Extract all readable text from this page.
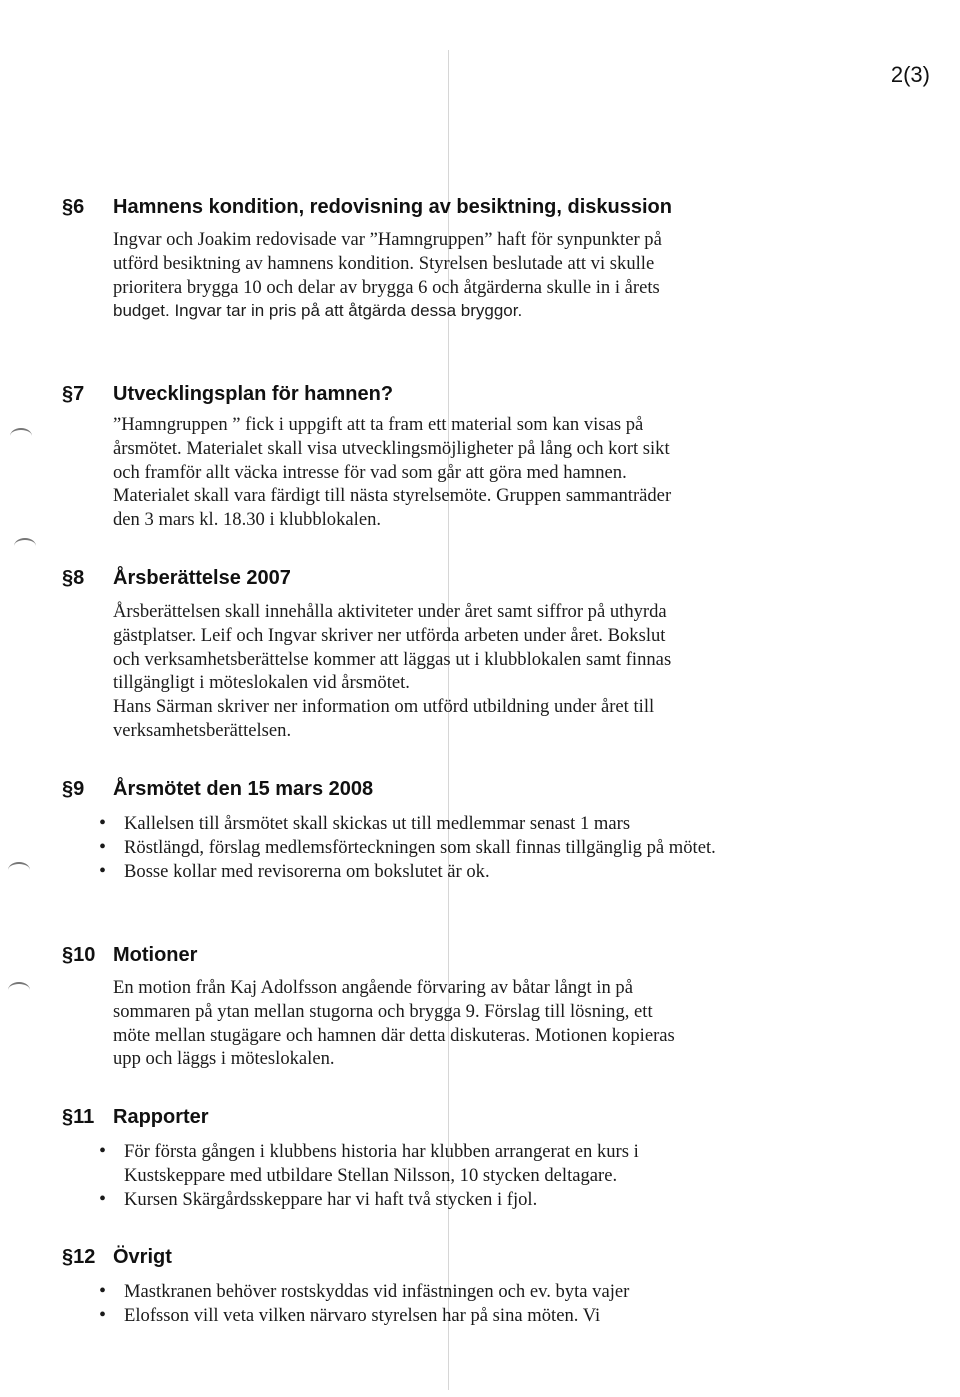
2(3)
§6 Hamnens kondition, redovisning av besiktning, diskussion

Ingvar och Joakim redovisade var ”Hamngruppen” haft för synpunkter på

utförd besiktning av hamnens kondition. Styrelsen beslutade att vi skulle

prioritera brygga 10 och delar av brygga 6 och åtgärderna skulle in i årets

budget. Ingvar tar in pris på att åtgärda dessa bryggor.

§7 Utvecklingsplan för hamnen?

”Hamngruppen ” fick i uppgift att ta fram ett material som kan visas på

årsmötet. Materialet skall visa utvecklingsmöjligheter på lång och kort sikt

och framför allt väcka intresse för vad som går att göra med hamnen.

Materialet skall vara färdigt till nästa styrelsemöte. Gruppen sammanträder

den 3 mars kl. 18.30 i klubblokalen.

§8 Årsberättelse 2007

Årsberättelsen skall innehålla aktiviteter under året samt siffror på uthyrda

gästplatser. Leif och Ingvar skriver ner utförda arbeten under året. Bokslut

och verksamhetsberättelse kommer att läggas ut i klubblokalen samt finnas

tillgängligt i möteslokalen vid årsmötet.

Hans Särman skriver ner information om utförd utbildning under året till

verksamhetsberättelsen.

§9 Årsmötet den 15 mars 2008
• Kallelsen till årsmötet skall skickas ut till medlemmar senast 1 mars
• Röstlängd, förslag medlemsförteckningen som skall finnas tillgänglig på mötet.
• Bosse kollar med revisorerna om bokslutet är ok.
§10 Motioner

En motion från Kaj Adolfsson angående förvaring av båtar långt in på

sommaren på ytan mellan stugorna och brygga 9. Förslag till lösning, ett

möte mellan stugägare och hamnen där detta diskuteras. Motionen kopieras

upp och läggs i möteslokalen.

§11 Rapporter
• För första gången i klubbens historia har klubben arrangerat en kurs i Kustskeppare med utbildare Stellan Nilsson, 10 stycken deltagare.
• Kursen Skärgårdsskeppare har vi haft två stycken i fjol.
§12 Övrigt
• Mastkranen behöver rostskyddas vid infästningen och ev. byta vajer
• Elofsson vill veta vilken närvaro styrelsen har på sina möten. Vi
